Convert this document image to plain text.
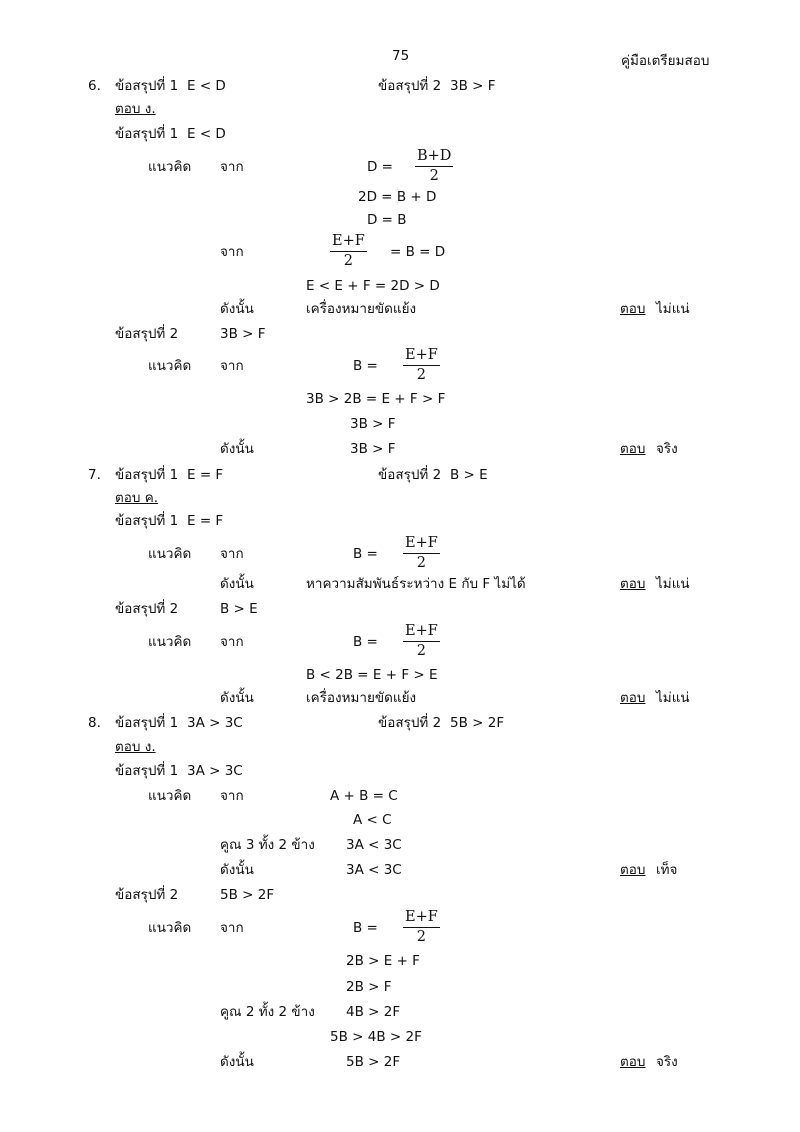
75	คู่มือเตรียมสอบ
6. ข้อสรุปที่ 1 E < D	ข้อสรุปที่ 2 3B > F
ตอบ ง.
ข้อสรุปที่ 1 E < D
แนวคิด จาก	$D = \frac{B+D}{2}$
2D = B + D
D = B
จาก	$\frac{E+F}{2} = B = D$
E < E + F = 2D > D
ดังนั้น	เครื่องหมายขัดแย้ง	ตอบ ไม่แน่
ข้อสรุปที่ 2	3B > F
แนวคิด จาก	$B = \frac{E+F}{2}$
3B > 2B = E + F > F
3B > F
ดังนั้น	3B > F	ตอบ จริง
7. ข้อสรุปที่ 1 E = F	ข้อสรุปที่ 2 B > E
ตอบ ค.
ข้อสรุปที่ 1 E = F
แนวคิด จาก	$B = \frac{E+F}{2}$
ดังนั้น	หาความสัมพันธ์ระหว่าง E กับ F ไม่ได้	ตอบ ไม่แน่
ข้อสรุปที่ 2	B > E
แนวคิด จาก	$B = \frac{E+F}{2}$
B < 2B = E + F > E
ดังนั้น	เครื่องหมายขัดแย้ง	ตอบ ไม่แน่
8. ข้อสรุปที่ 1 3A > 3C	ข้อสรุปที่ 2 5B > 2F
ตอบ ง.
ข้อสรุปที่ 1 3A > 3C
แนวคิด จาก	A + B = C
A < C
คูณ 3 ทั้ง 2 ข้าง 3A < 3C
ดังนั้น	3A < 3C	ตอบ เท็จ
ข้อสรุปที่ 2	5B > 2F
แนวคิด จาก	$B = \frac{E+F}{2}$
2B > E + F
2B > F
คูณ 2 ทั้ง 2 ข้าง 4B > 2F
5B > 4B > 2F
ดังนั้น	5B > 2F	ตอบ จริง
